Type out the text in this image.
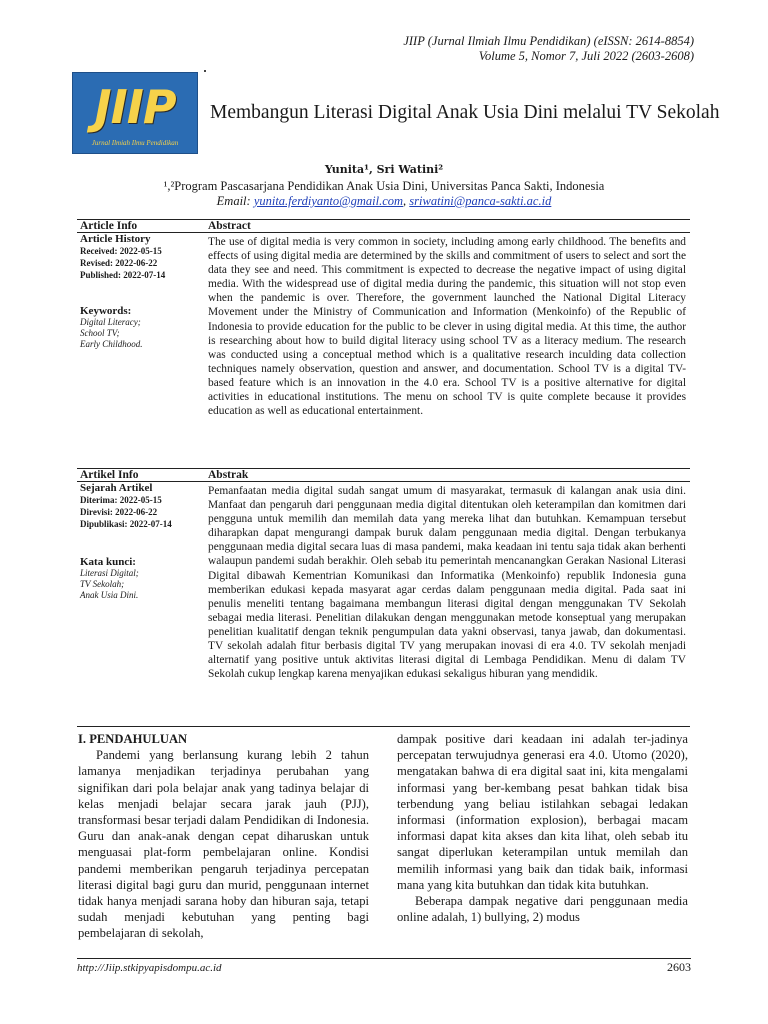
JIIP (Jurnal Ilmiah Ilmu Pendidikan) (eISSN: 2614-8854)
Volume 5, Nomor 7, Juli 2022 (2603-2608)
JIIP
Jurnal Ilmiah Ilmu Pendidikan
Membangun Literasi Digital Anak Usia Dini melalui TV Sekolah
Yunita¹, Sri Watini²
¹,²Program Pascasarjana Pendidikan Anak Usia Dini, Universitas Panca Sakti, Indonesia
Email: yunita.ferdiyanto@gmail.com, sriwatini@panca-sakti.ac.id
Article Info	Abstract
Article History
Received: 2022-05-15
Revised: 2022-06-22
Published: 2022-07-14
Keywords:
Digital Literacy;
School TV;
Early Childhood.
The use of digital media is very common in society, including among early childhood. The benefits and effects of using digital media are determined by the skills and commitment of users to select and sort the data they see and need. This commitment is expected to decrease the negative impact of using digital media. With the widespread use of digital media during the pandemic, this situation will not stop even when the pandemic is over. Therefore, the government launched the National Digital Literacy Movement under the Ministry of Communication and Information (Menkoinfo) of the Republic of Indonesia to provide education for the public to be clever in using digital media. At this time, the author is researching about how to build digital literacy using school TV as a literacy medium. The research was conducted using a conceptual method which is a qualitative research inculding data collection techniques namely observation, question and answer, and documentation. School TV is a digital TV-based feature which is an innovation in the 4.0 era. School TV is a positive alternative for digital activities in educational institutions. The menu on school TV is quite complete because it provides education as well as educational entertainment.
Artikel Info	Abstrak
Sejarah Artikel
Diterima: 2022-05-15
Direvisi: 2022-06-22
Dipublikasi: 2022-07-14
Kata kunci:
Literasi Digital;
TV Sekolah;
Anak Usia Dini.
Pemanfaatan media digital sudah sangat umum di masyarakat, termasuk di kalangan anak usia dini. Manfaat dan pengaruh dari penggunaan media digital ditentukan oleh keterampilan dan komitmen dari pengguna untuk memilih dan memilah data yang mereka lihat dan butuhkan. Kemampuan tersebut diharapkan dapat mengurangi dampak buruk dalam penggunaan media digital. Dengan terbukanya penggunaan media digital secara luas di masa pandemi, maka keadaan ini tentu saja tidak akan berhenti walaupun pandemi sudah berakhir. Oleh sebab itu pemerintah mencanangkan Gerakan Nasional Literasi Digital dibawah Kementrian Komunikasi dan Informatika (Menkoinfo) republik Indonesia guna memberikan edukasi kepada masyarat agar cerdas dalam penggunaan media digital. Pada saat ini penulis meneliti tentang bagaimana membangun literasi digital dengan menggunakan TV Sekolah sebagai media literasi. Penelitian dilakukan dengan menggunakan metode konseptual yang merupakan penelitian kualitatif dengan teknik pengumpulan data yakni observasi, tanya jawab, dan dokumentasi. TV sekolah adalah fitur berbasis digital TV yang merupakan inovasi di era 4.0. TV sekolah menjadi alternatif yang positive untuk aktivitas literasi digital di Lembaga Pendidikan. Menu di dalam TV Sekolah cukup lengkap karena menyajikan edukasi sekaligus hiburan yang mendidik.
I. PENDAHULUAN

Pandemi yang berlansung kurang lebih 2 tahun lamanya menjadikan terjadinya perubahan yang signifikan dari pola belajar anak yang tadinya belajar di kelas menjadi belajar secara jarak jauh (PJJ), transformasi besar terjadi dalam Pendidikan di Indonesia. Guru dan anak-anak dengan cepat diharuskan untuk menguasai plat-form pembelajaran online. Kondisi pandemi memberikan pengaruh terjadinya percepatan literasi digital bagi guru dan murid, penggunaan internet tidak hanya menjadi sarana hoby dan hiburan saja, tetapi sudah menjadi kebutuhan yang penting bagi pembelajaran di sekolah,

dampak positive dari keadaan ini adalah ter-jadinya percepatan terwujudnya generasi era 4.0. Utomo (2020), mengatakan bahwa di era digital saat ini, kita mengalami informasi yang ber-kembang pesat bahkan tidak bisa terbendung yang beliau istilahkan sebagai ledakan informasi (information explosion), berbagai macam informasi dapat kita akses dan kita lihat, oleh sebab itu sangat diperlukan keterampilan untuk memilah dan memilih informasi yang baik dan tidak baik, informasi mana yang kita butuhkan dan tidak kita butuhkan.

Beberapa dampak negative dari penggunaan media online adalah, 1) bullying, 2) modus

http://Jiip.stkipyapisdompu.ac.id	2603
